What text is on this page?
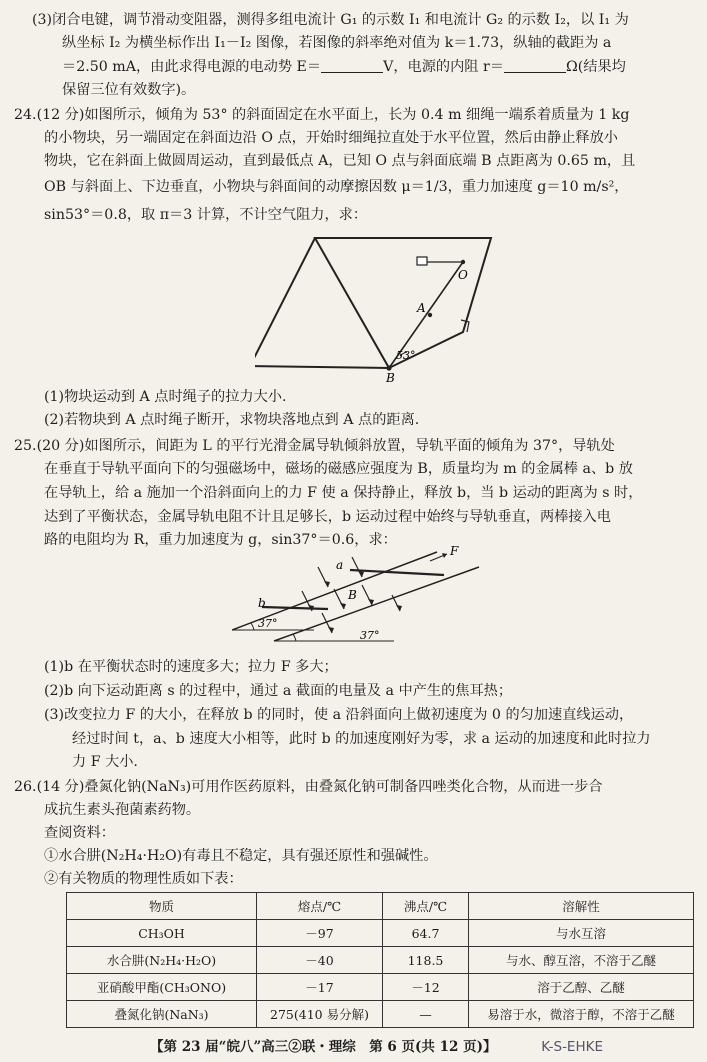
(3)闭合电键，调节滑动变阻器，测得多组电流计 G₁ 的示数 I₁ 和电流计 G₂ 的示数 I₂，以 I₁ 为
纵坐标 I₂ 为横坐标作出 I₁－I₂ 图像，若图像的斜率绝对值为 k＝1.73，纵轴的截距为 a
＝2.50 mA，由此求得电源的电动势 E＝	V，电源的内阻 r＝	Ω(结果均
保留三位有效数字)。
24.(12 分)如图所示，倾角为 53° 的斜面固定在水平面上，长为 0.4 m 细绳一端系着质量为 1 kg
的小物块，另一端固定在斜面边沿 O 点，开始时细绳拉直处于水平位置，然后由静止释放小
物块，它在斜面上做圆周运动，直到最低点 A，已知 O 点与斜面底端 B 点距离为 0.65 m，且
OB 与斜面上、下边垂直，小物块与斜面间的动摩擦因数 μ＝1/3，重力加速度 g＝10 m/s²，
sin53°＝0.8，取 π＝3 计算，不计空气阻力，求：
O
A
B
53°
(1)物块运动到 A 点时绳子的拉力大小.
(2)若物块到 A 点时绳子断开，求物块落地点到 A 点的距离.
25.(20 分)如图所示，间距为 L 的平行光滑金属导轨倾斜放置，导轨平面的倾角为 37°，导轨处
在垂直于导轨平面向下的匀强磁场中，磁场的磁感应强度为 B，质量均为 m 的金属棒 a、b 放
在导轨上，给 a 施加一个沿斜面向上的力 F 使 a 保持静止，释放 b，当 b 运动的距离为 s 时，
达到了平衡状态，金属导轨电阻不计且足够长，b 运动过程中始终与导轨垂直，两棒接入电
路的电阻均为 R，重力加速度为 g，sin37°＝0.6，求：
a
b
B
F
37°
37°
(1)b 在平衡状态时的速度多大；拉力 F 多大；
(2)b 向下运动距离 s 的过程中，通过 a 截面的电量及 a 中产生的焦耳热；
(3)改变拉力 F 的大小，在释放 b 的同时，使 a 沿斜面向上做初速度为 0 的匀加速直线运动，
经过时间 t，a、b 速度大小相等，此时 b 的加速度刚好为零，求 a 运动的加速度和此时拉力
力 F 大小.
26.(14 分)叠氮化钠(NaN₃)可用作医药原料，由叠氮化钠可制备四唑类化合物，从而进一步合
成抗生素头孢菌素药物。
查阅资料：
①水合肼(N₂H₄·H₂O)有毒且不稳定，具有强还原性和强碱性。
②有关物质的物理性质如下表：
物质	熔点/℃	沸点/℃	溶解性
CH₃OH	－97	64.7	与水互溶
水合肼(N₂H₄·H₂O)	－40	118.5	与水、醇互溶，不溶于乙醚
亚硝酸甲酯(CH₃ONO)	－17	－12	溶于乙醇、乙醚
叠氮化钠(NaN₃)	275(410 易分解)	—	易溶于水，微溶于醇，不溶于乙醚
【第 23 届“皖八”高三②联・理综　第 6 页(共 12 页)】	K-S-EHKE
